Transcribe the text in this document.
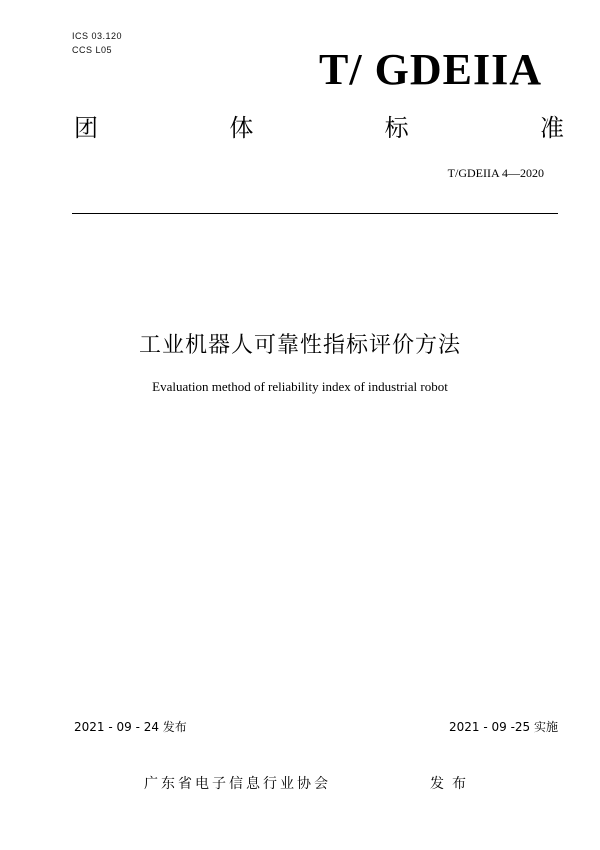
ICS 03.120
CCS L05	T/ GDEIIA
团	体	标	准
T/GDEIIA 4—2020
工业机器人可靠性指标评价方法
Evaluation method of reliability index of industrial robot
2021 - 09 - 24 发布	2021 - 09 -25 实施
广东省电子信息行业协会	发布
